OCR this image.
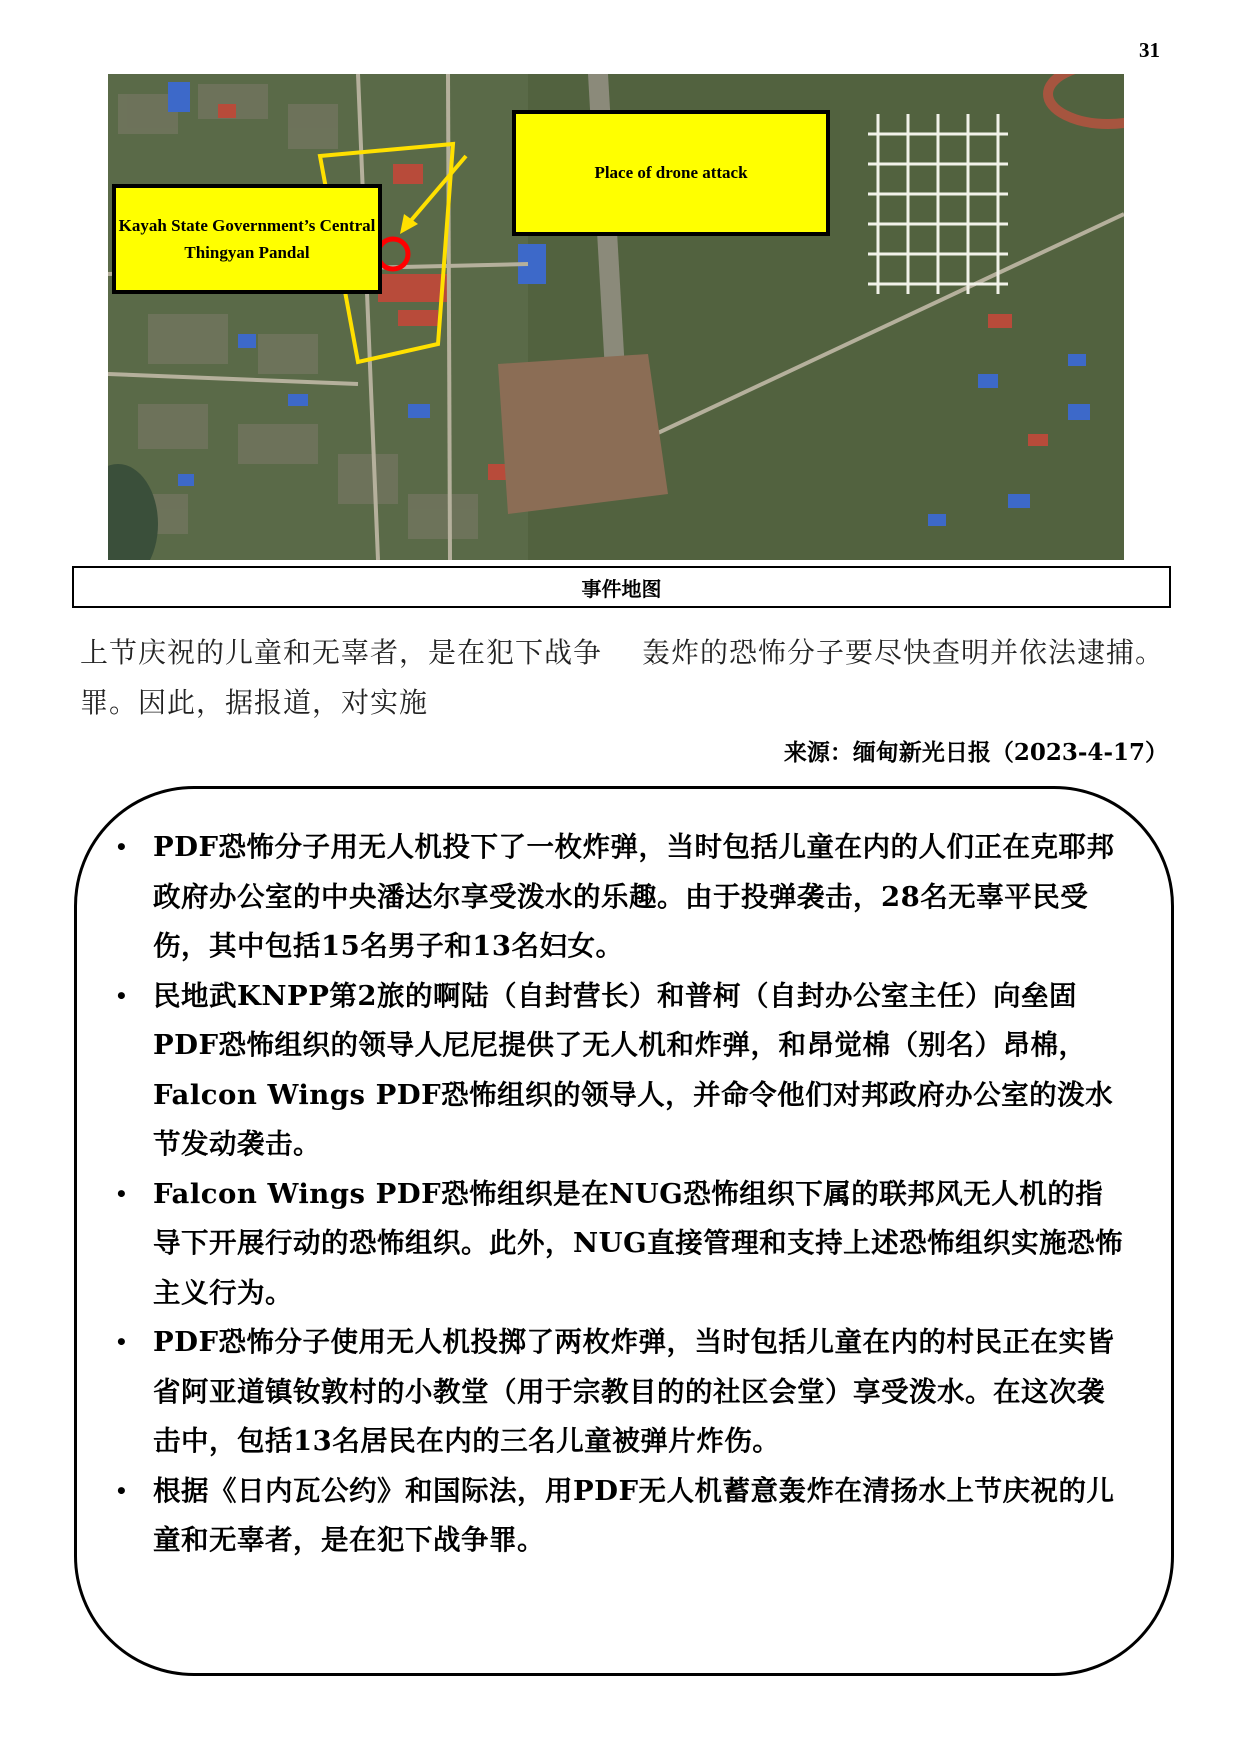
31
Kayah State Government’s Central Thingyan Pandal
Place of drone attack
事件地图
上节庆祝的儿童和无辜者，是在犯下战争罪。因此，据报道，对实施
轰炸的恐怖分子要尽快查明并依法逮捕。
来源：缅甸新光日报（2023-4-17）
• PDF恐怖分子用无人机投下了一枚炸弹，当时包括儿童在内的人们正在克耶邦政府办公室的中央潘达尔享受泼水的乐趣。由于投弹袭击，28名无辜平民受伤，其中包括15名男子和13名妇女。
• 民地武KNPP第2旅的啊陆（自封营长）和普柯（自封办公室主任）向垒固PDF恐怖组织的领导人尼尼提供了无人机和炸弹，和昂觉棉（别名）昂棉，Falcon Wings PDF恐怖组织的领导人，并命令他们对邦政府办公室的泼水节发动袭击。
• Falcon Wings PDF恐怖组织是在NUG恐怖组织下属的联邦风无人机的指导下开展行动的恐怖组织。此外，NUG直接管理和支持上述恐怖组织实施恐怖主义行为。
• PDF恐怖分子使用无人机投掷了两枚炸弹，当时包括儿童在内的村民正在实皆省阿亚道镇钕敦村的小教堂（用于宗教目的的社区会堂）享受泼水。在这次袭击中，包括13名居民在内的三名儿童被弹片炸伤。
• 根据《日内瓦公约》和国际法，用PDF无人机蓄意轰炸在清扬水上节庆祝的儿童和无辜者，是在犯下战争罪。
